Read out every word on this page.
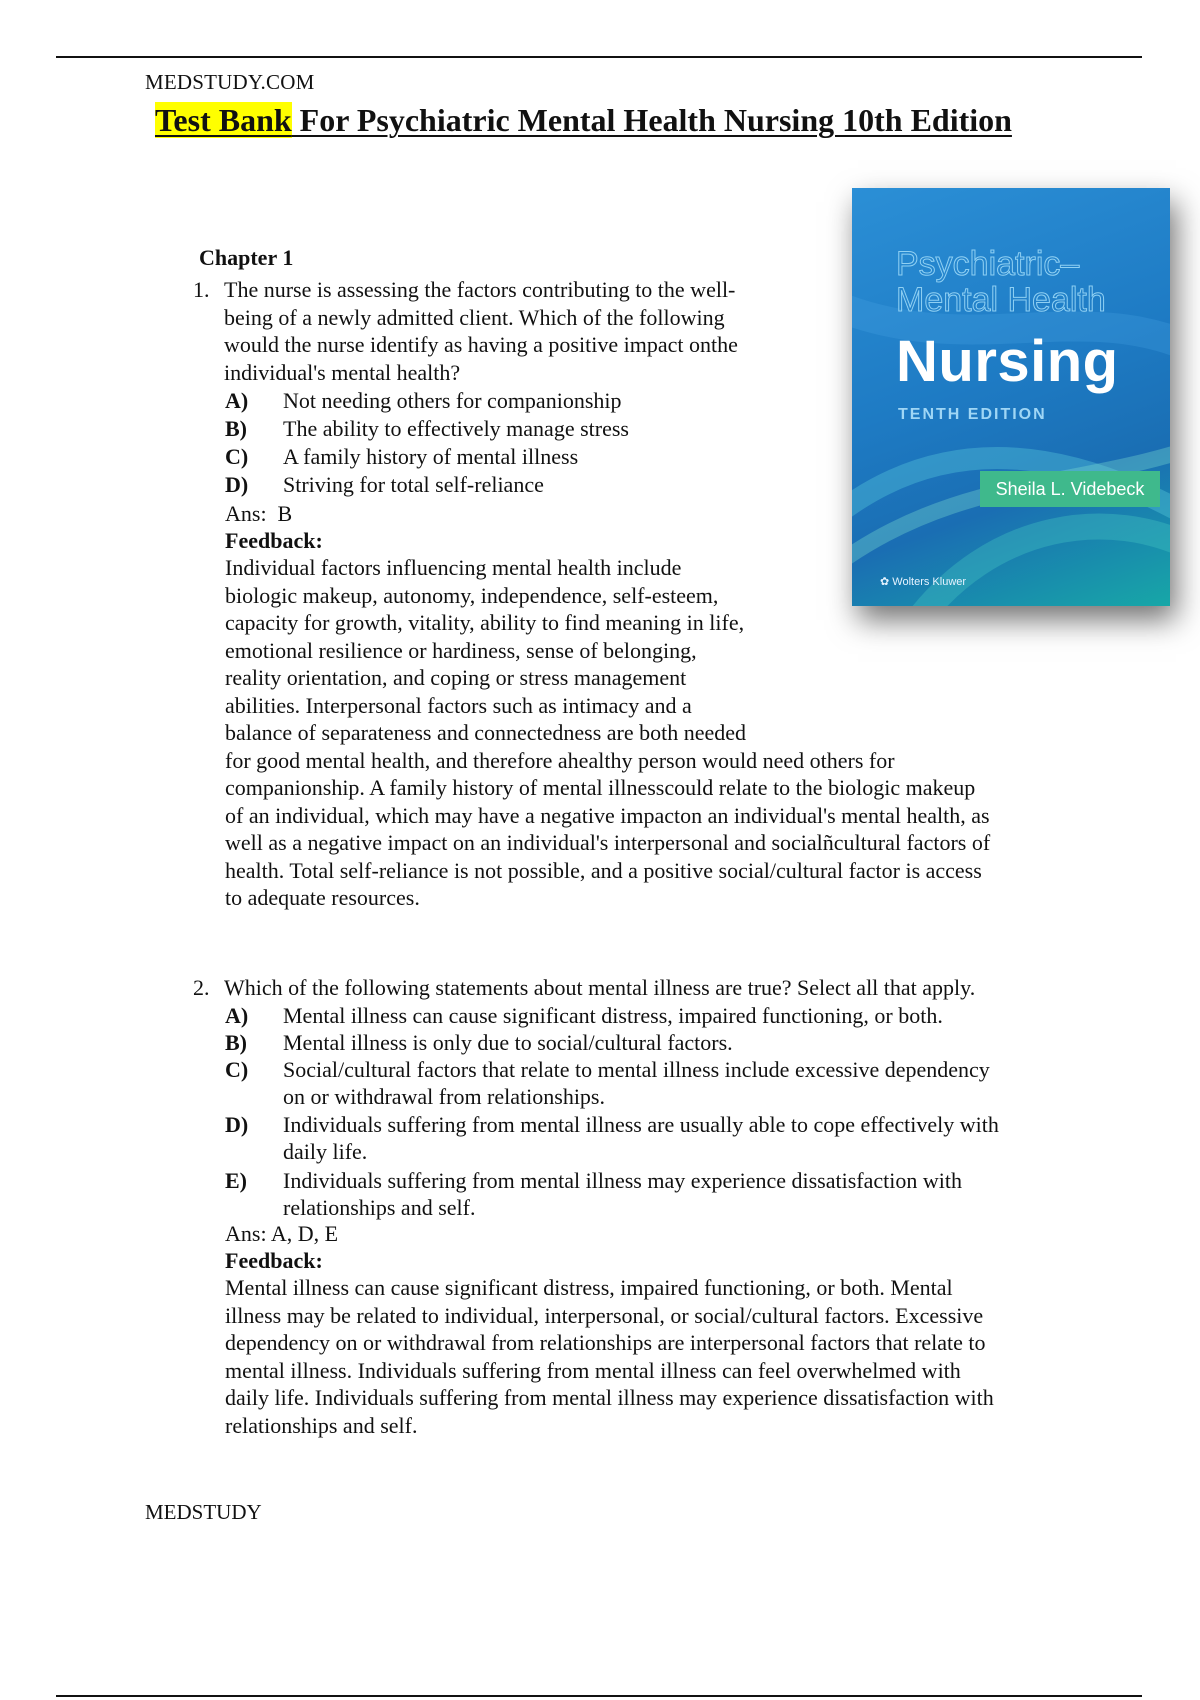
MEDSTUDY.COM
Test Bank For Psychiatric Mental Health Nursing 10th Edition
Psychiatric–
Mental Health
Nursing
TENTH EDITION
Sheila L. Videbeck
✿ Wolters Kluwer
Chapter 1
1. The nurse is assessing the factors contributing to the well-
being of a newly admitted client. Which of the following
would the nurse identify as having a positive impact onthe
individual's mental health?
A) Not needing others for companionship
B) The ability to effectively manage stress
C) A family history of mental illness
D) Striving for total self-reliance
Ans:  B
Feedback:
Individual factors influencing mental health include
biologic makeup, autonomy, independence, self-esteem,
capacity for growth, vitality, ability to find meaning in life,
emotional resilience or hardiness, sense of belonging,
reality orientation, and coping or stress management
abilities. Interpersonal factors such as intimacy and a
balance of separateness and connectedness are both needed
for good mental health, and therefore ahealthy person would need others for
companionship. A family history of mental illnesscould relate to the biologic makeup
of an individual, which may have a negative impacton an individual's mental health, as
well as a negative impact on an individual's interpersonal and socialñcultural factors of
health. Total self-reliance is not possible, and a positive social/cultural factor is access
to adequate resources.
2. Which of the following statements about mental illness are true? Select all that apply.
A) Mental illness can cause significant distress, impaired functioning, or both.
B) Mental illness is only due to social/cultural factors.
C) Social/cultural factors that relate to mental illness include excessive dependency
on or withdrawal from relationships.
D) Individuals suffering from mental illness are usually able to cope effectively with
daily life.
E) Individuals suffering from mental illness may experience dissatisfaction with
relationships and self.
Ans: A, D, E
Feedback:
Mental illness can cause significant distress, impaired functioning, or both. Mental
illness may be related to individual, interpersonal, or social/cultural factors. Excessive
dependency on or withdrawal from relationships are interpersonal factors that relate to
mental illness. Individuals suffering from mental illness can feel overwhelmed with
daily life. Individuals suffering from mental illness may experience dissatisfaction with
relationships and self.
MEDSTUDY
